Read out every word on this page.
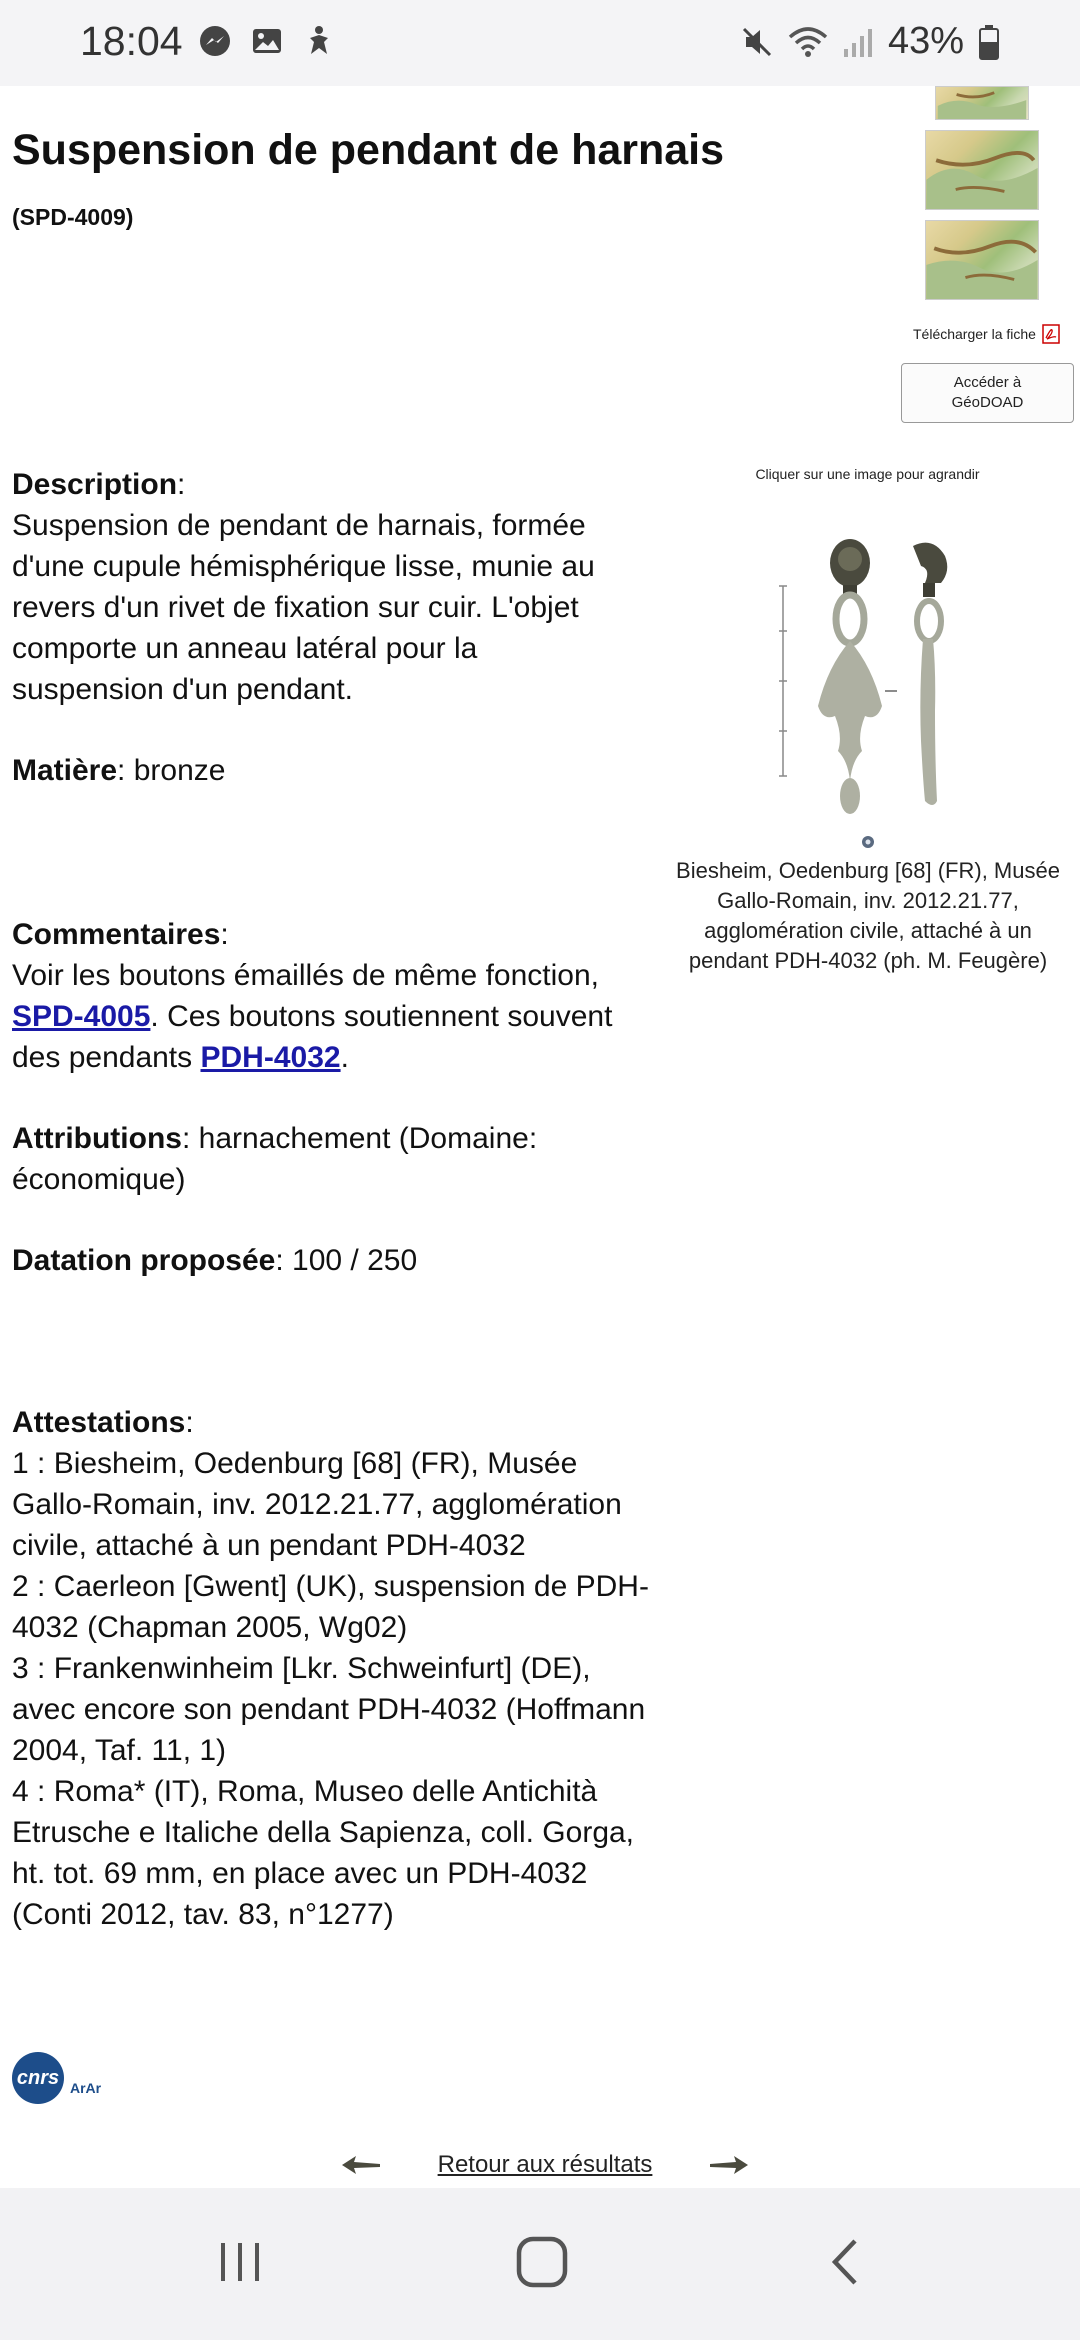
18:04	43%
Suspension de pendant de harnais
(SPD-4009)
Télécharger la fiche
Accéder à
GéoDOAD
Description:
Suspension de pendant de harnais, formée d'une cupule hémisphérique lisse, munie au revers d'un rivet de fixation sur cuir. L'objet comporte un anneau latéral pour la suspension d'un pendant.
Matière: bronze
Cliquer sur une image pour agrandir
Biesheim, Oedenburg [68] (FR), Musée Gallo-Romain, inv. 2012.21.77, agglomération civile, attaché à un pendant PDH-4032 (ph. M. Feugère)
Commentaires:
Voir les boutons émaillés de même fonction,
SPD-4005. Ces boutons soutiennent souvent des pendants PDH-4032.
Attributions: harnachement (Domaine: économique)
Datation proposée: 100 / 250
Attestations:

1 : Biesheim, Oedenburg [68] (FR), Musée Gallo-Romain, inv. 2012.21.77, agglomération civile, attaché à un pendant PDH-4032
2 : Caerleon [Gwent] (UK), suspension de PDH-4032 (Chapman 2005, Wg02)
3 : Frankenwinheim [Lkr. Schweinfurt] (DE), avec encore son pendant PDH-4032 (Hoffmann 2004, Taf. 11, 1)
4 : Roma* (IT), Roma, Museo delle Antichità Etrusche e Italiche della Sapienza, coll. Gorga, ht. tot. 69 mm, en place avec un PDH-4032 (Conti 2012, tav. 83, n°1277)
cnrs ArAr
Retour aux résultats
